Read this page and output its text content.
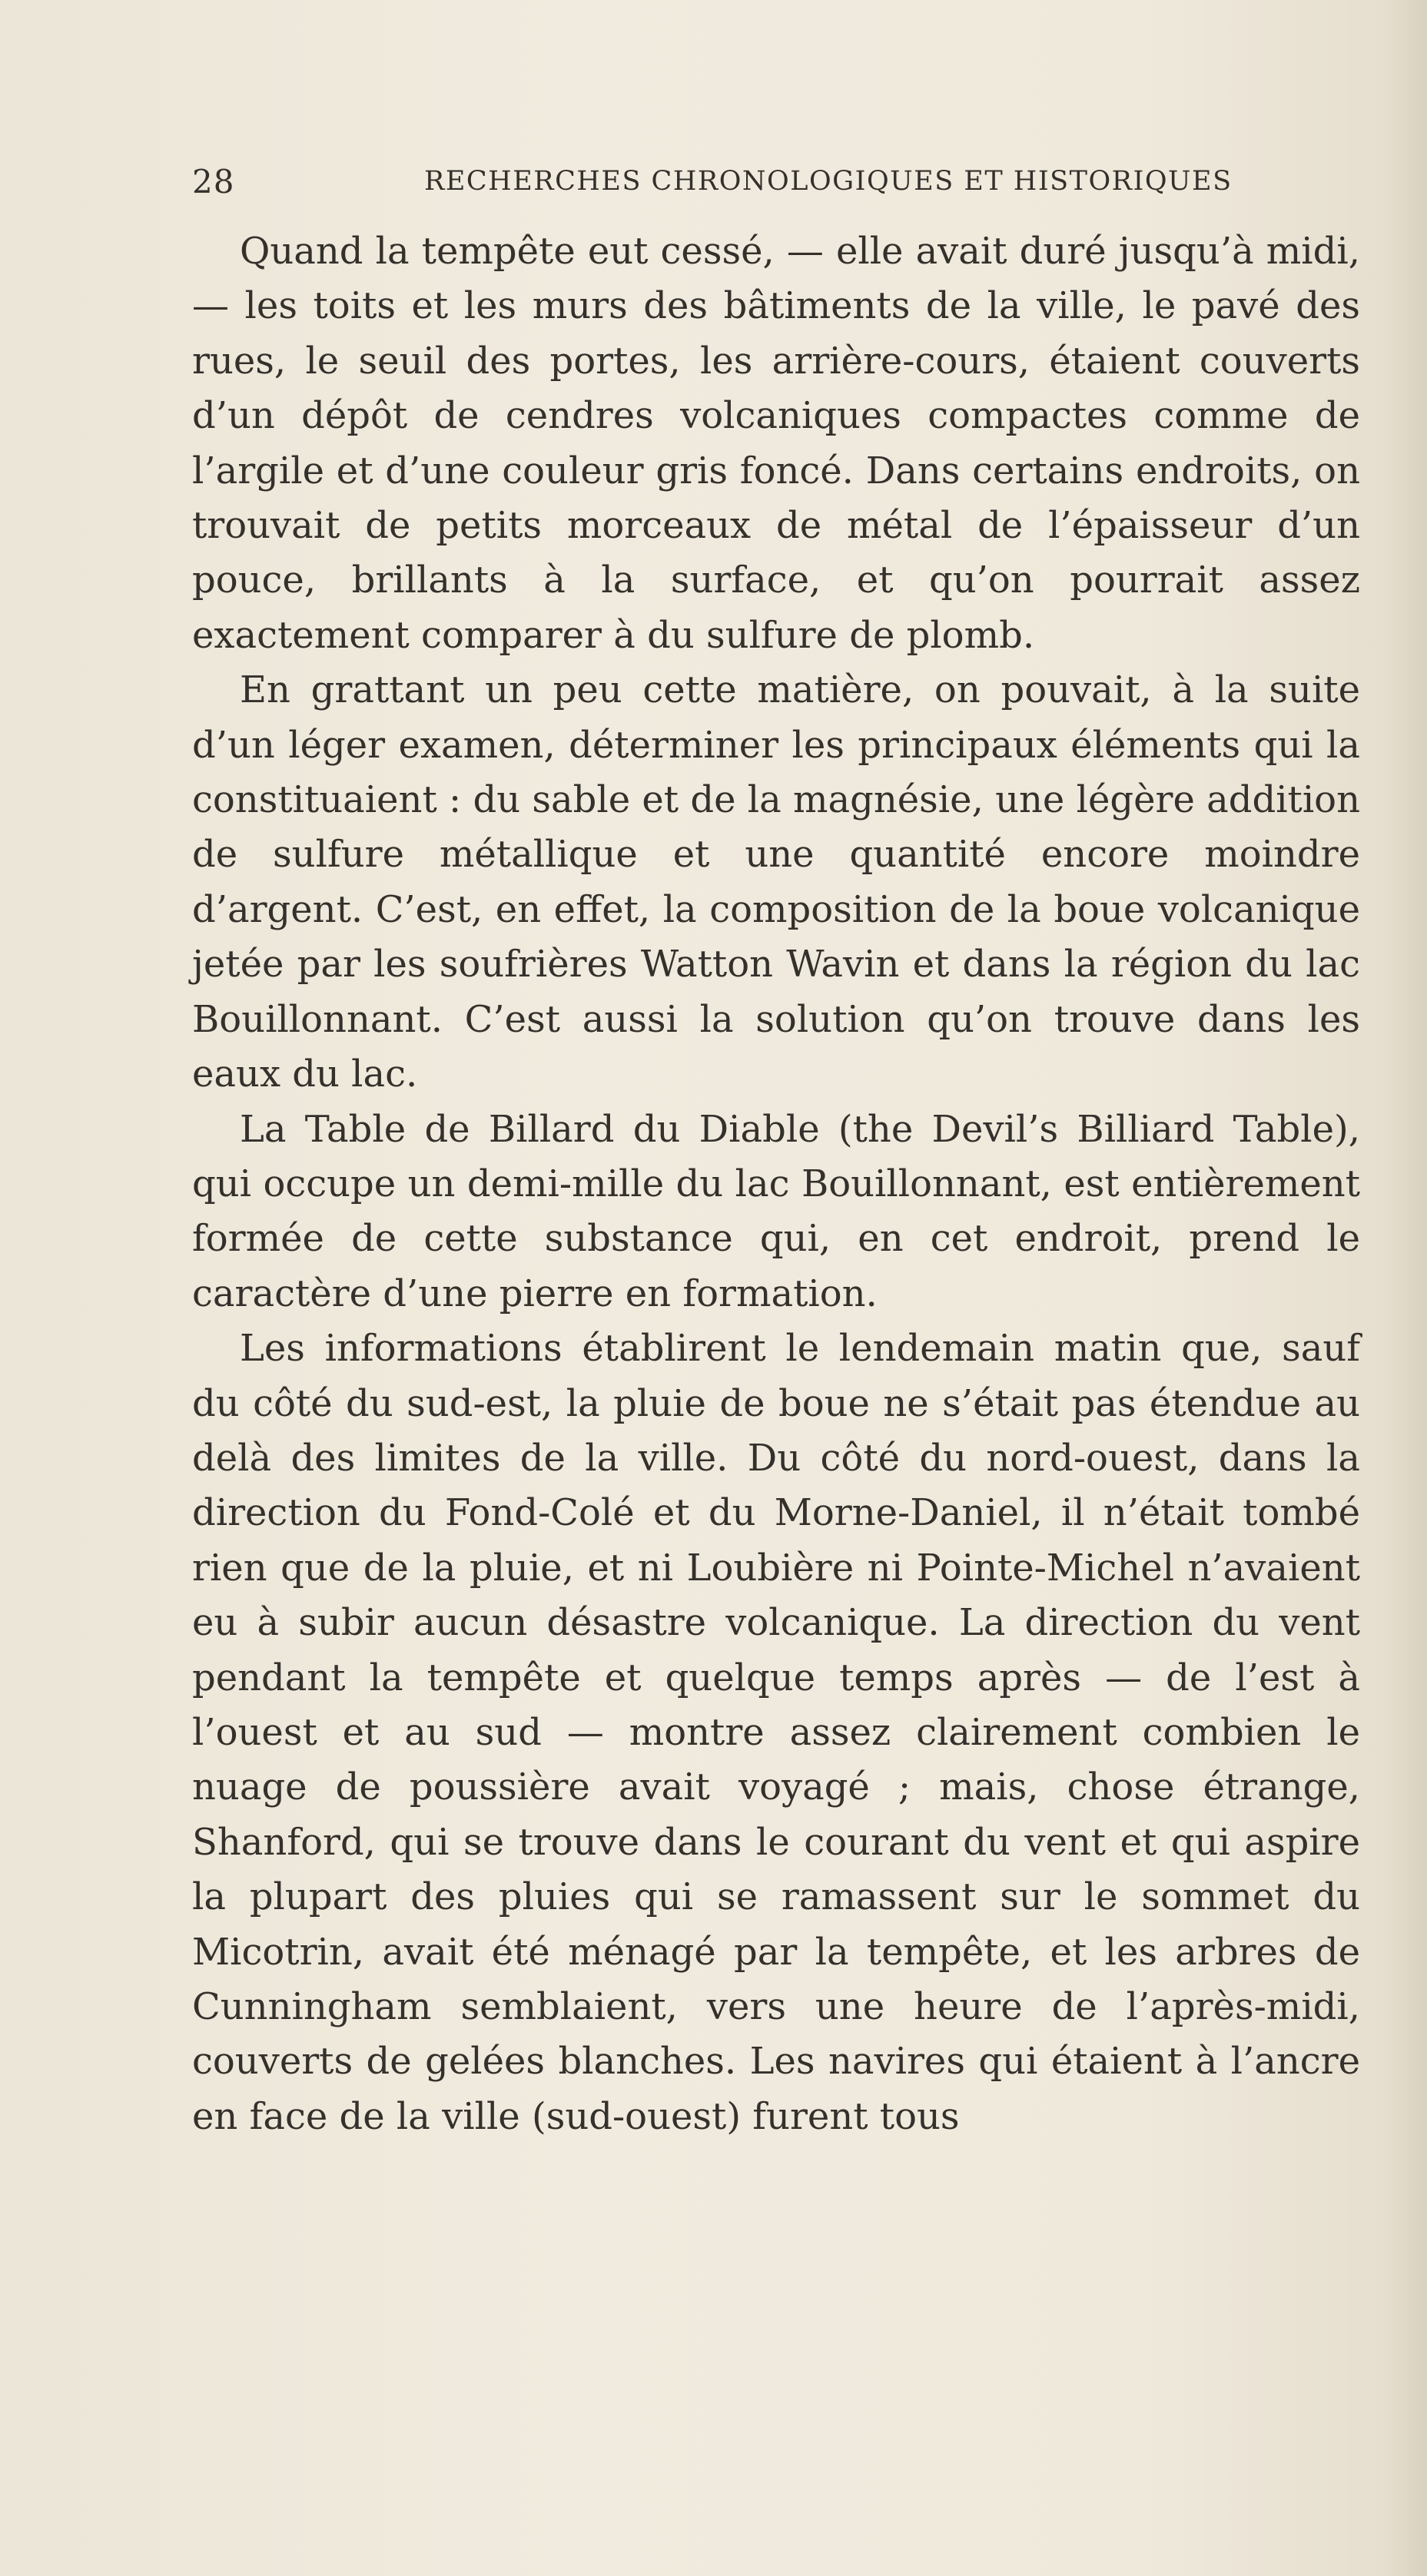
28	RECHERCHES CHRONOLOGIQUES ET HISTORIQUES

Quand la tempête eut cessé, — elle avait duré jusqu’à midi, — les toits et les murs des bâtiments de la ville, le pavé des rues, le seuil des portes, les arrière-cours, étaient couverts d’un dépôt de cendres volcaniques compactes comme de l’argile et d’une couleur gris foncé. Dans certains endroits, on trouvait de petits morceaux de métal de l’épaisseur d’un pouce, brillants à la surface, et qu’on pourrait assez exactement comparer à du sulfure de plomb.

En grattant un peu cette matière, on pouvait, à la suite d’un léger examen, déterminer les principaux éléments qui la constituaient : du sable et de la magnésie, une légère addition de sulfure métallique et une quantité encore moindre d’argent. C’est, en effet, la composition de la boue volcanique jetée par les soufrières Watton Wavin et dans la région du lac Bouillonnant. C’est aussi la solution qu’on trouve dans les eaux du lac.

La Table de Billard du Diable (the Devil’s Billiard Table), qui occupe un demi-mille du lac Bouillonnant, est entièrement formée de cette substance qui, en cet endroit, prend le caractère d’une pierre en formation.

Les informations établirent le lendemain matin que, sauf du côté du sud-est, la pluie de boue ne s’était pas étendue au delà des limites de la ville. Du côté du nord-ouest, dans la direction du Fond-Colé et du Morne-Daniel, il n’était tombé rien que de la pluie, et ni Loubière ni Pointe-Michel n’avaient eu à subir aucun désastre volcanique. La direction du vent pendant la tempête et quelque temps après — de l’est à l’ouest et au sud — montre assez clairement combien le nuage de poussière avait voyagé ; mais, chose étrange, Shanford, qui se trouve dans le courant du vent et qui aspire la plupart des pluies qui se ramassent sur le sommet du Micotrin, avait été ménagé par la tempête, et les arbres de Cunningham semblaient, vers une heure de l’après-midi, couverts de gelées blanches. Les navires qui étaient à l’ancre en face de la ville (sud-ouest) furent tous
